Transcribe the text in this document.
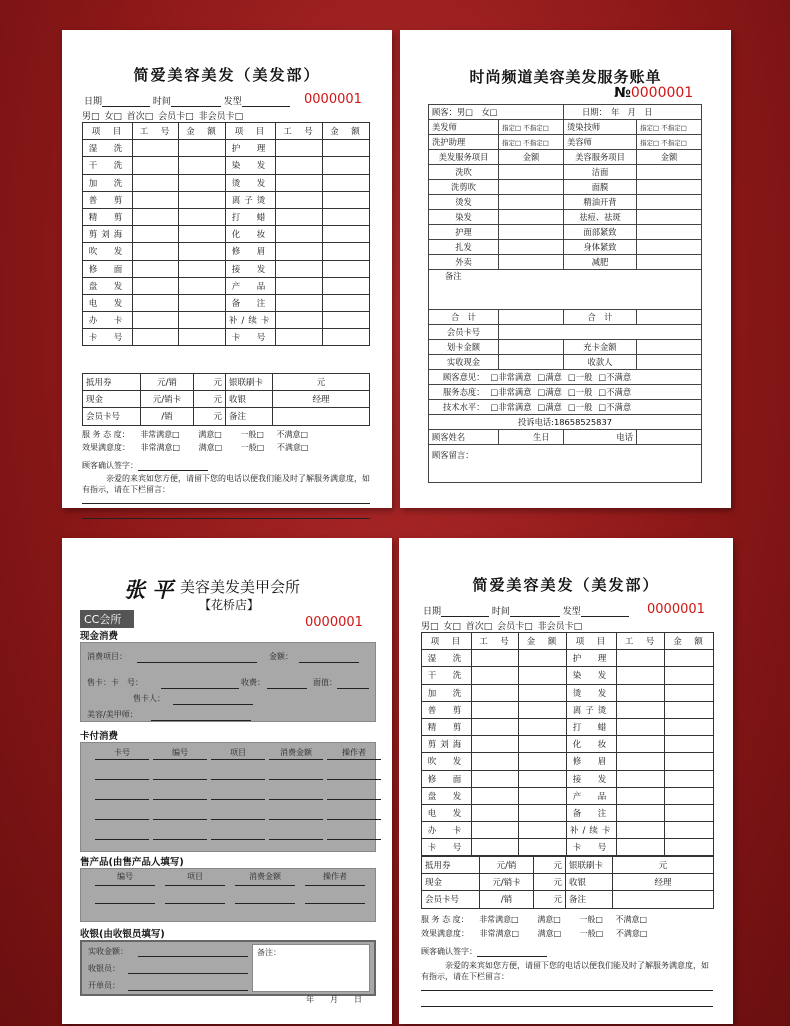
简爱美容美发（美发部）
日期	时间	发型	0000001
男□ 女□ 首次□ 会员卡□ 非会员卡□
项　目	工　号	金　额	项　目	工　号	金　额
湿　洗			护　理		
干　洗			染　发		
加　洗			烫　发		
普　剪			离子烫		
精　剪			打　蜡		
剪刘海			化　妆		
吹　发			修　眉		
修　面			接　发		
盘　发			产　品		
电　发			备　注		
办　卡			补/续卡		
卡　号			卡　号		
抵用券	元/销	元	银联刷卡	元
现金	元/销卡	元	收银	经理
会员卡号	/销	元	备注	
服 务 态 度： 非常满意□ 满意□ 一般□ 不满意□
效果满意度： 非常满意□ 满意□ 一般□ 不满意□
顾客确认签字：
亲爱的来宾如您方便，请留下您的电话以便我们能及时了解服务满意度，如有指示，请在下栏留言：
时尚频道美容美发服务账单
№0000001
顾客：男□　女□		日期：　年　月　日	
美发师	指定□ 不指定□	烫染技师	指定□ 不指定□
洗护助理	指定□ 不指定□	美容师	指定□ 不指定□
美发服务项目	金额	美容服务项目	金额
洗吹		洁面	
洗剪吹		面膜	
烫发		精油开背	
染发		祛痘、祛斑	
护理		面部紧致	
扎发		身体紧致	
外卖		减肥	
备注			
合　计		合　计	
会员卡号			
划卡金额		充卡金额	
实收现金		收款人	
顾客意见： □非常满意 □满意 □一般 □不满意			
服务态度： □非常满意 □满意 □一般 □不满意			
技术水平： □非常满意 □满意 □一般 □不满意			
投诉电话:18658525837			
顾客姓名	生日	电话	
顾客留言：			
张 平 美容美发美甲会所
【花桥店】
CC会所	0000001
现金消费
消费项目：	金额：
售卡：卡　号：	收费：	面值：
售卡人：
美容/美甲师：
卡付消费
卡号	编号	项目	消费金额	操作者
售产品(由售产品人填写)
编号	项目	消费金额	操作者
收银(由收银员填写)
实收金额：
收银员：
开单员：
备注：
年　　月　　日
简爱美容美发（美发部）
日期	时间	发型	0000001
男□ 女□ 首次□ 会员卡□ 非会员卡□
项　目	工　号	金　额	项　目	工　号	金　额
湿　洗			护　理		
干　洗			染　发		
加　洗			烫　发		
普　剪			离子烫		
精　剪			打　蜡		
剪刘海			化　妆		
吹　发			修　眉		
修　面			接　发		
盘　发			产　品		
电　发			备　注		
办　卡			补/续卡		
卡　号			卡　号		
抵用券	元/销	元	银联刷卡	元
现金	元/销卡	元	收银	经理
会员卡号	/销	元	备注	
服 务 态 度： 非常满意□ 满意□ 一般□ 不满意□
效果满意度： 非常满意□ 满意□ 一般□ 不满意□
顾客确认签字：
亲爱的来宾如您方便，请留下您的电话以便我们能及时了解服务满意度，如有指示，请在下栏留言：
